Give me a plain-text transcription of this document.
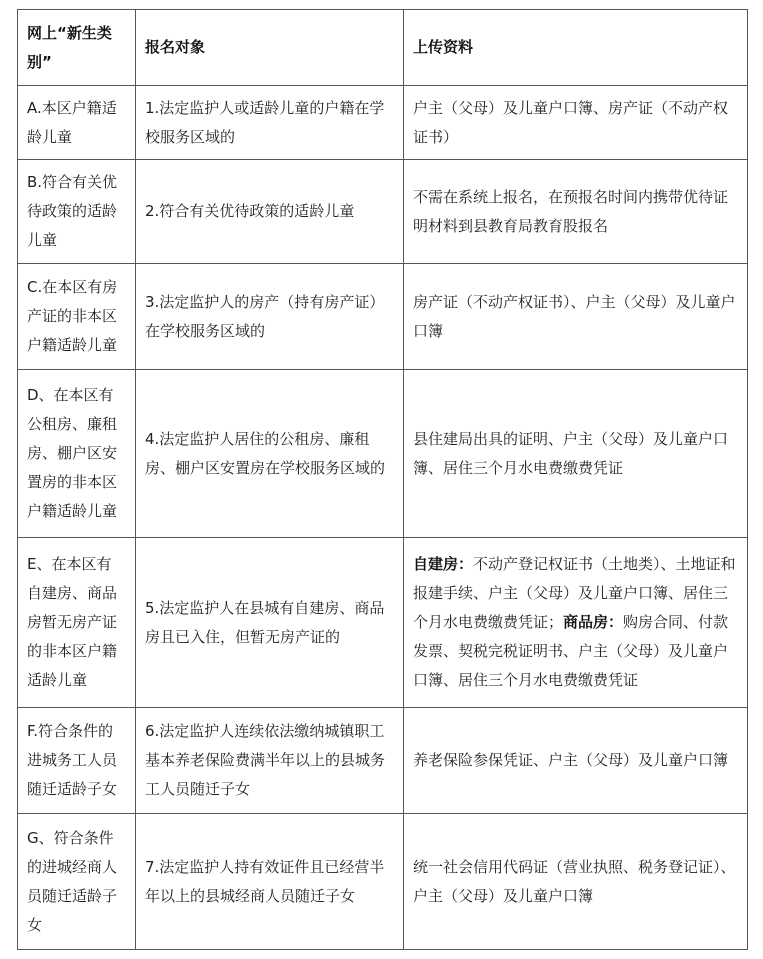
网上“新生类别”	报名对象	上传资料
A.本区户籍适龄儿童	1.法定监护人或适龄儿童的户籍在学校服务区域的	户主（父母）及儿童户口簿、房产证（不动产权证书）
B.符合有关优待政策的适龄儿童	2.符合有关优待政策的适龄儿童	不需在系统上报名，在预报名时间内携带优待证明材料到县教育局教育股报名
C.在本区有房产证的非本区户籍适龄儿童	3.法定监护人的房产（持有房产证）在学校服务区域的	房产证（不动产权证书）、户主（父母）及儿童户口簿
D、在本区有公租房、廉租房、棚户区安置房的非本区户籍适龄儿童	4.法定监护人居住的公租房、廉租房、棚户区安置房在学校服务区域的	县住建局出具的证明、户主（父母）及儿童户口簿、居住三个月水电费缴费凭证
E、在本区有自建房、商品房暂无房产证的非本区户籍适龄儿童	5.法定监护人在县城有自建房、商品房且已入住，但暂无房产证的	自建房：不动产登记权证书（土地类）、土地证和报建手续、户主（父母）及儿童户口簿、居住三个月水电费缴费凭证；商品房：购房合同、付款发票、契税完税证明书、户主（父母）及儿童户口簿、居住三个月水电费缴费凭证
F.符合条件的进城务工人员随迁适龄子女	6.法定监护人连续依法缴纳城镇职工基本养老保险费满半年以上的县城务工人员随迁子女	养老保险参保凭证、户主（父母）及儿童户口簿
G、符合条件的进城经商人员随迁适龄子女	7.法定监护人持有效证件且已经营半年以上的县城经商人员随迁子女	统一社会信用代码证（营业执照、税务登记证）、户主（父母）及儿童户口簿
